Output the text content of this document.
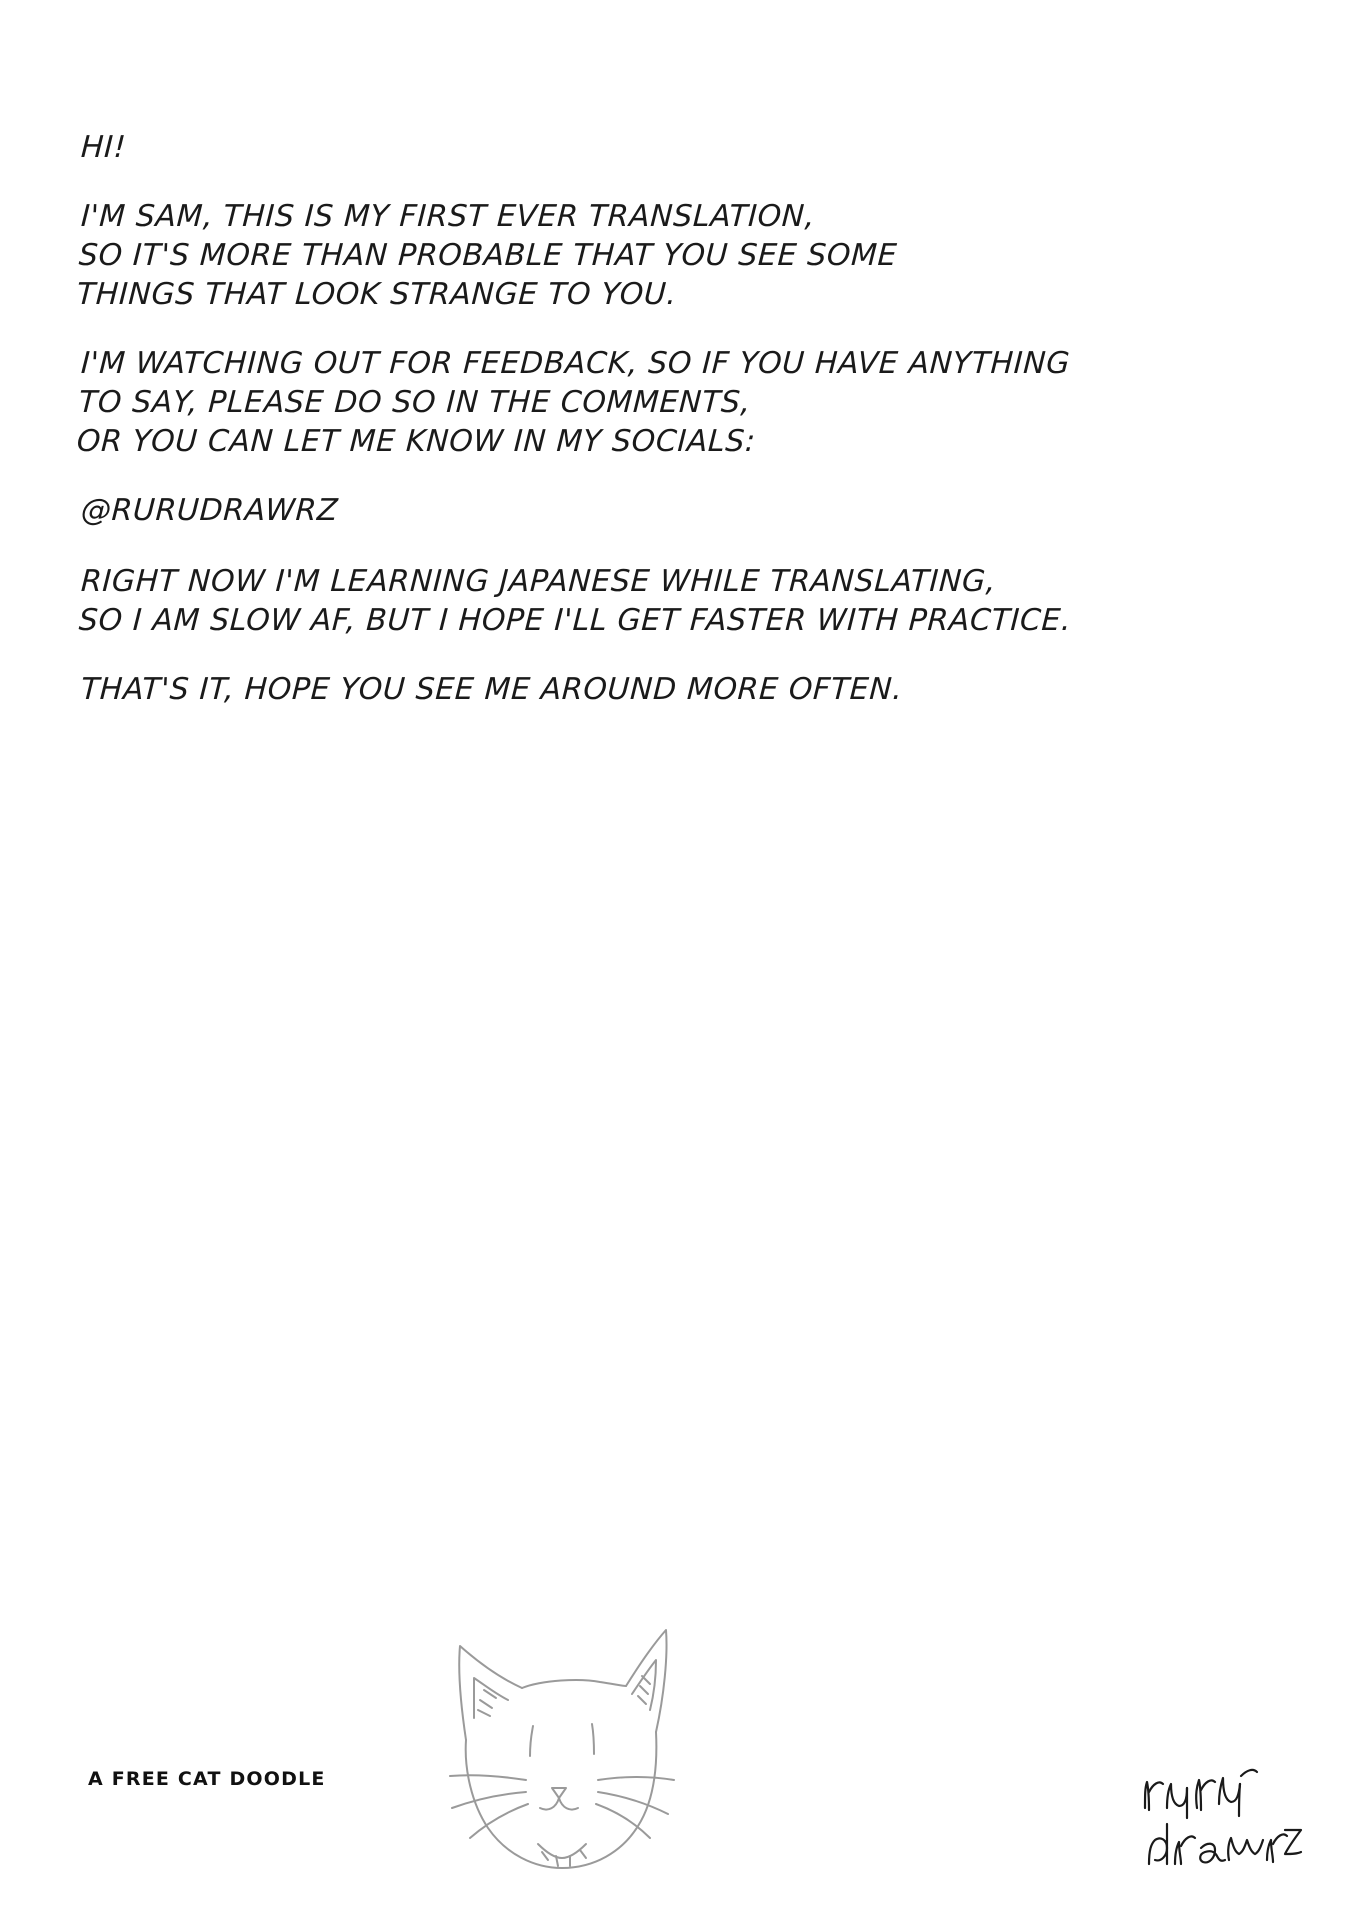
HI!

I'M SAM, THIS IS MY FIRST EVER TRANSLATION,
SO IT'S MORE THAN PROBABLE THAT YOU SEE SOME
THINGS THAT LOOK STRANGE TO YOU.

I'M WATCHING OUT FOR FEEDBACK, SO IF YOU HAVE ANYTHING
TO SAY, PLEASE DO SO IN THE COMMENTS,
OR YOU CAN LET ME KNOW IN MY SOCIALS:

@RURUDRAWRZ

RIGHT NOW I'M LEARNING JAPANESE WHILE TRANSLATING,
SO I AM SLOW AF, BUT I HOPE I'LL GET FASTER WITH PRACTICE.

THAT'S IT, HOPE YOU SEE ME AROUND MORE OFTEN.

A FREE CAT DOODLE
